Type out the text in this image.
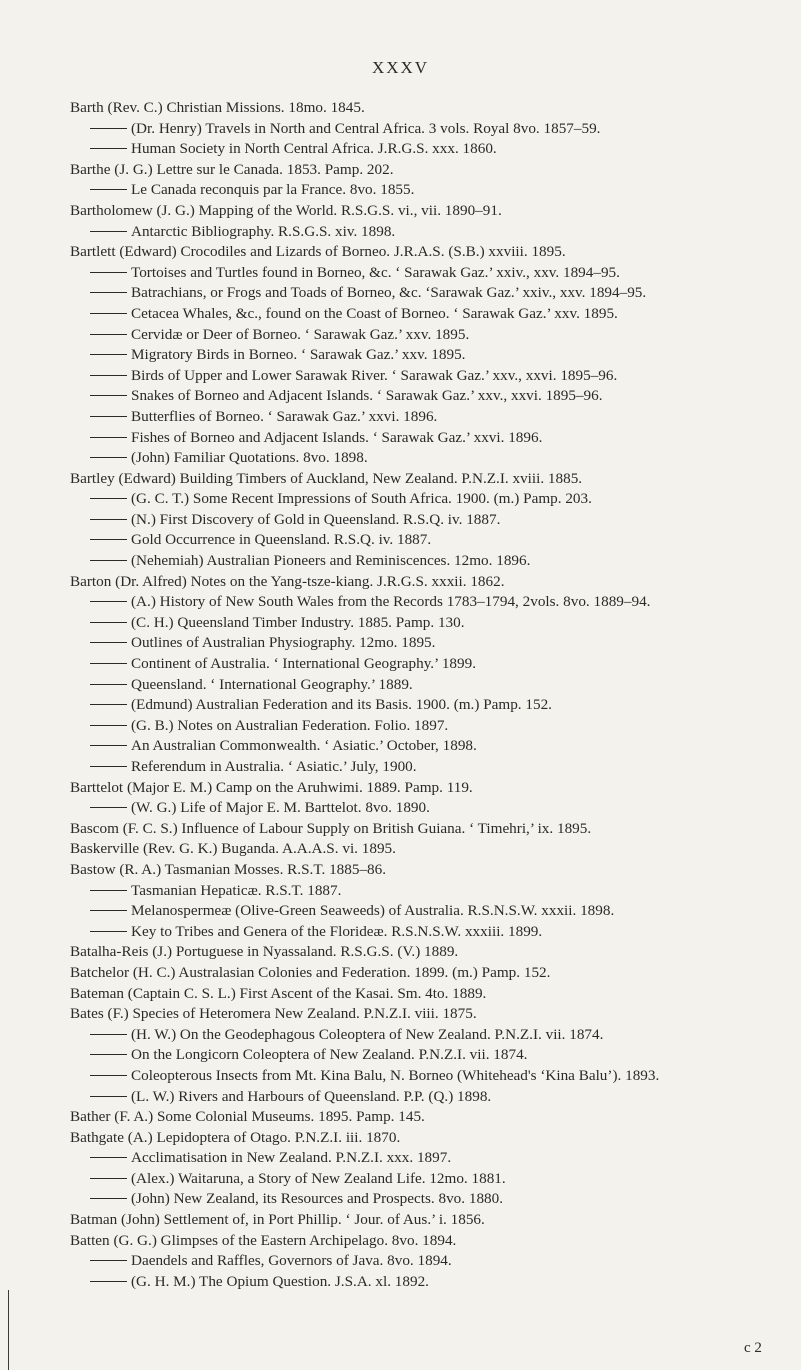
XXXV
Barth (Rev. C.) Christian Missions. 18mo. 1845.
(Dr. Henry) Travels in North and Central Africa. 3 vols. Royal 8vo. 1857–59.
Human Society in North Central Africa. J.R.G.S. xxx. 1860.
Barthe (J. G.) Lettre sur le Canada. 1853. Pamp. 202.
Le Canada reconquis par la France. 8vo. 1855.
Bartholomew (J. G.) Mapping of the World. R.S.G.S. vi., vii. 1890–91.
Antarctic Bibliography. R.S.G.S. xiv. 1898.
Bartlett (Edward) Crocodiles and Lizards of Borneo. J.R.A.S. (S.B.) xxviii. 1895.
Tortoises and Turtles found in Borneo, &c. ‘ Sarawak Gaz.’ xxiv., xxv. 1894–95.
Batrachians, or Frogs and Toads of Borneo, &c. ‘Sarawak Gaz.’ xxiv., xxv. 1894–95.
Cetacea Whales, &c., found on the Coast of Borneo. ‘ Sarawak Gaz.’ xxv. 1895.
Cervidæ or Deer of Borneo. ‘ Sarawak Gaz.’ xxv. 1895.
Migratory Birds in Borneo. ‘ Sarawak Gaz.’ xxv. 1895.
Birds of Upper and Lower Sarawak River. ‘ Sarawak Gaz.’ xxv., xxvi. 1895–96.
Snakes of Borneo and Adjacent Islands. ‘ Sarawak Gaz.’ xxv., xxvi. 1895–96.
Butterflies of Borneo. ‘ Sarawak Gaz.’ xxvi. 1896.
Fishes of Borneo and Adjacent Islands. ‘ Sarawak Gaz.’ xxvi. 1896.
(John) Familiar Quotations. 8vo. 1898.
Bartley (Edward) Building Timbers of Auckland, New Zealand. P.N.Z.I. xviii. 1885.
(G. C. T.) Some Recent Impressions of South Africa. 1900. (m.) Pamp. 203.
(N.) First Discovery of Gold in Queensland. R.S.Q. iv. 1887.
Gold Occurrence in Queensland. R.S.Q. iv. 1887.
(Nehemiah) Australian Pioneers and Reminiscences. 12mo. 1896.
Barton (Dr. Alfred) Notes on the Yang-tsze-kiang. J.R.G.S. xxxii. 1862.
(A.) History of New South Wales from the Records 1783–1794, 2vols. 8vo. 1889–94.
(C. H.) Queensland Timber Industry. 1885. Pamp. 130.
Outlines of Australian Physiography. 12mo. 1895.
Continent of Australia. ‘ International Geography.’ 1899.
Queensland. ‘ International Geography.’ 1889.
(Edmund) Australian Federation and its Basis. 1900. (m.) Pamp. 152.
(G. B.) Notes on Australian Federation. Folio. 1897.
An Australian Commonwealth. ‘ Asiatic.’ October, 1898.
Referendum in Australia. ‘ Asiatic.’ July, 1900.
Barttelot (Major E. M.) Camp on the Aruhwimi. 1889. Pamp. 119.
(W. G.) Life of Major E. M. Barttelot. 8vo. 1890.
Bascom (F. C. S.) Influence of Labour Supply on British Guiana. ‘ Timehri,’ ix. 1895.
Baskerville (Rev. G. K.) Buganda. A.A.A.S. vi. 1895.
Bastow (R. A.) Tasmanian Mosses. R.S.T. 1885–86.
Tasmanian Hepaticæ. R.S.T. 1887.
Melanospermeæ (Olive-Green Seaweeds) of Australia. R.S.N.S.W. xxxii. 1898.
Key to Tribes and Genera of the Florideæ. R.S.N.S.W. xxxiii. 1899.
Batalha-Reis (J.) Portuguese in Nyassaland. R.S.G.S. (V.) 1889.
Batchelor (H. C.) Australasian Colonies and Federation. 1899. (m.) Pamp. 152.
Bateman (Captain C. S. L.) First Ascent of the Kasai. Sm. 4to. 1889.
Bates (F.) Species of Heteromera New Zealand. P.N.Z.I. viii. 1875.
(H. W.) On the Geodephagous Coleoptera of New Zealand. P.N.Z.I. vii. 1874.
On the Longicorn Coleoptera of New Zealand. P.N.Z.I. vii. 1874.
Coleopterous Insects from Mt. Kina Balu, N. Borneo (Whitehead's ‘Kina Balu’). 1893.
(L. W.) Rivers and Harbours of Queensland. P.P. (Q.) 1898.
Bather (F. A.) Some Colonial Museums. 1895. Pamp. 145.
Bathgate (A.) Lepidoptera of Otago. P.N.Z.I. iii. 1870.
Acclimatisation in New Zealand. P.N.Z.I. xxx. 1897.
(Alex.) Waitaruna, a Story of New Zealand Life. 12mo. 1881.
(John) New Zealand, its Resources and Prospects. 8vo. 1880.
Batman (John) Settlement of, in Port Phillip. ‘ Jour. of Aus.’ i. 1856.
Batten (G. G.) Glimpses of the Eastern Archipelago. 8vo. 1894.
Daendels and Raffles, Governors of Java. 8vo. 1894.
(G. H. M.) The Opium Question. J.S.A. xl. 1892.
c 2
